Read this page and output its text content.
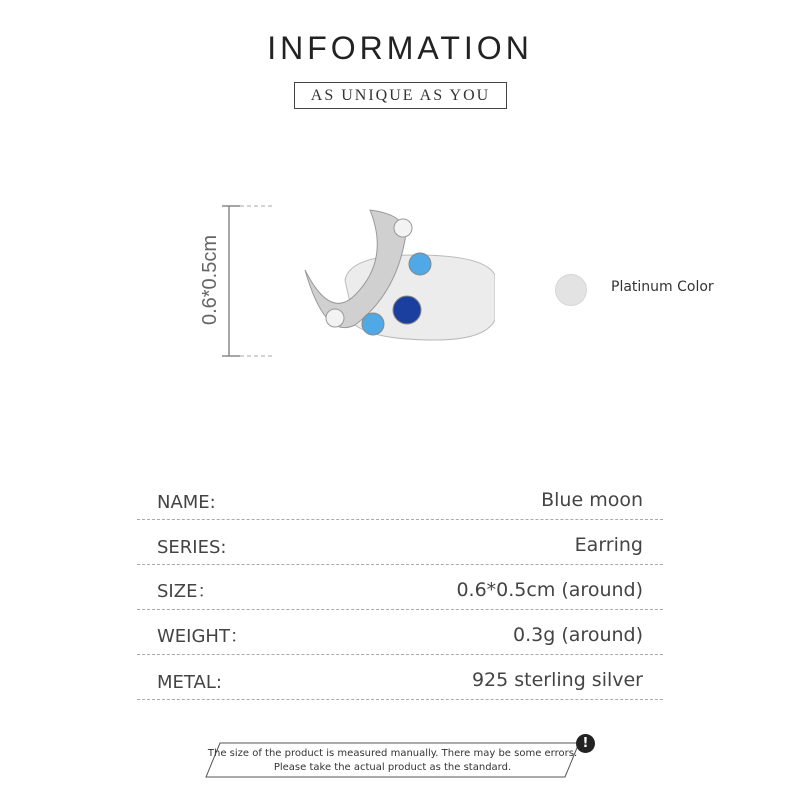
INFORMATION
AS UNIQUE AS YOU
0.6*0.5cm	Platinum Color
NAME:	Blue moon
SERIES:	Earring
SIZE：	0.6*0.5cm (around)
WEIGHT：	0.3g (around)
METAL:	925 sterling silver
The size of the product is measured manually. There may be some errors.
Please take the actual product as the standard.
!
